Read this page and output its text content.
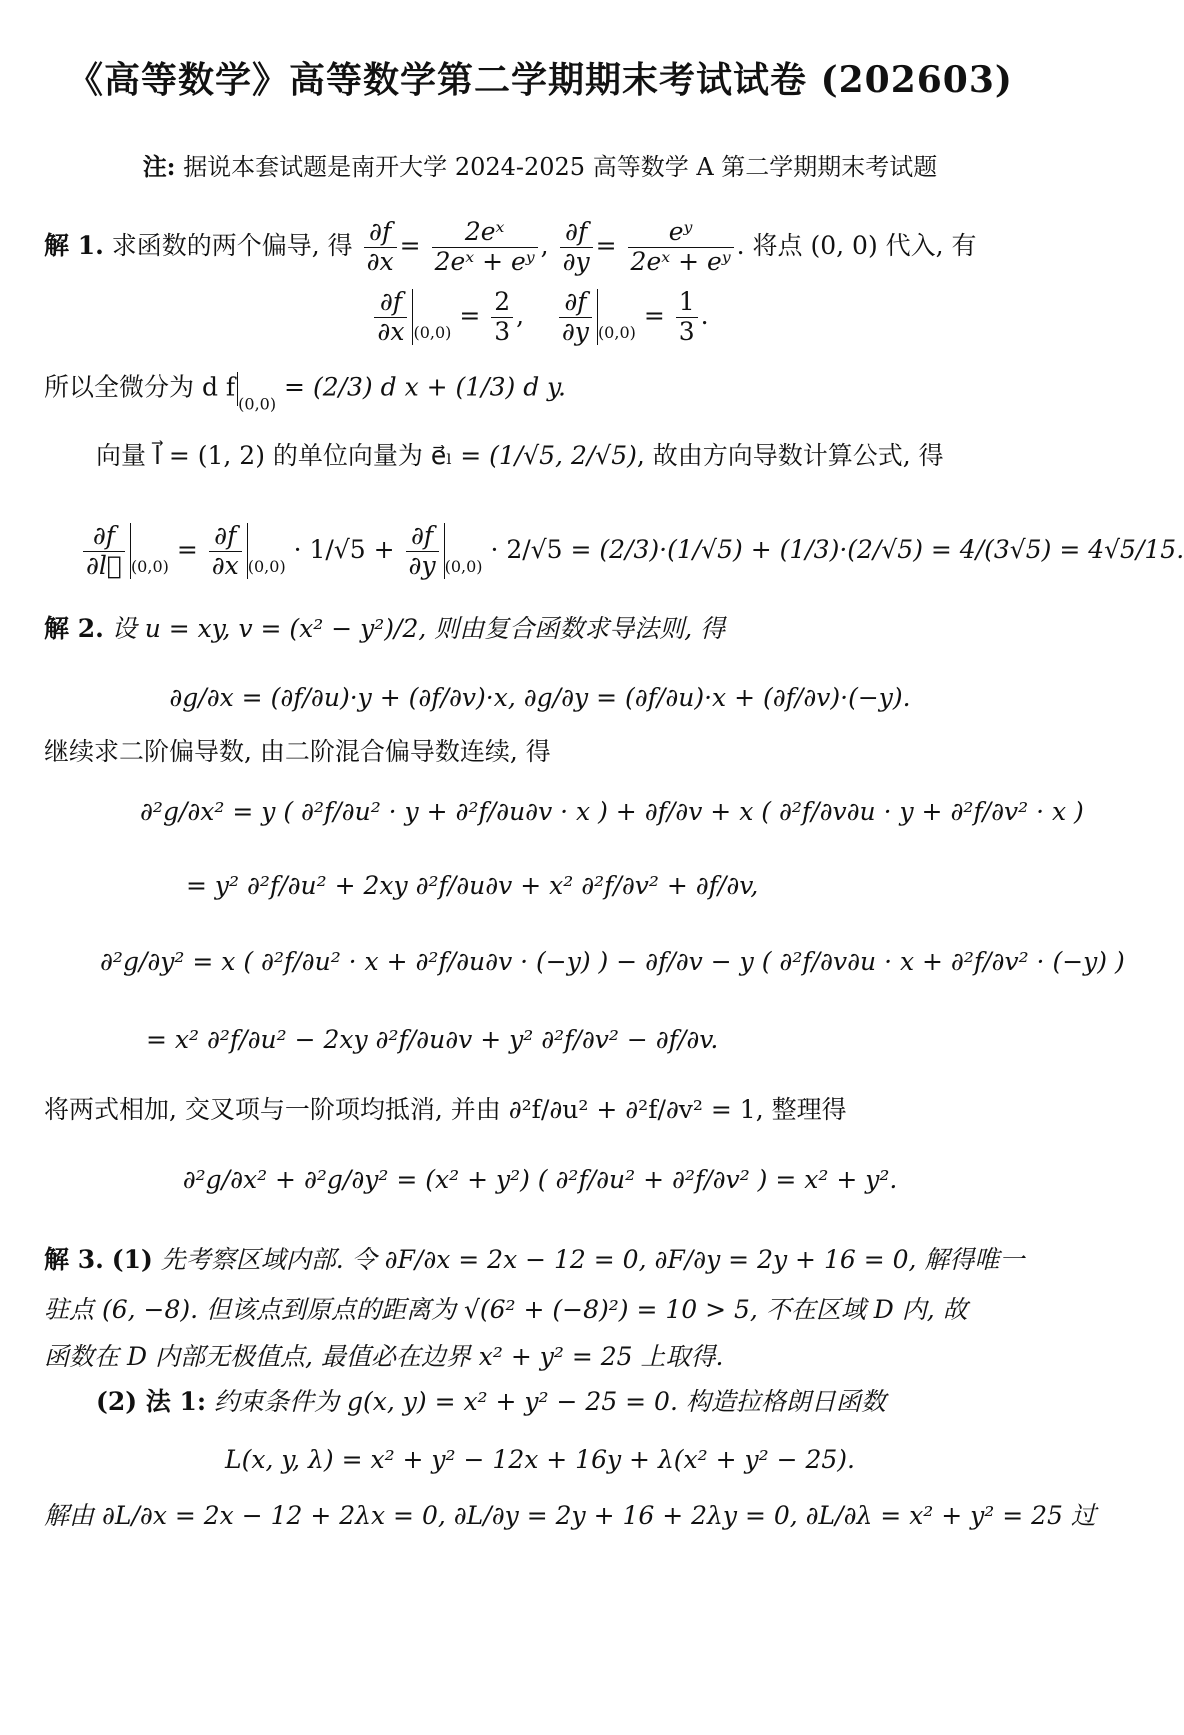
《高等数学》高等数学第二学期期末考试试卷 (202603)
注: 据说本套试题是南开大学 2024-2025 高等数学 A 第二学期期末考试题
解 1. 求函数的两个偏导, 得 $\frac{\partial f}{\partial x} = \frac{\text{2eˣ}}{\text{2eˣ + eʸ}}$ , $\frac{\partial f}{\partial y} = \frac{\text{eʸ}}{\text{2eˣ + eʸ}}$ . 将点 (0, 0) 代入, 有
$\frac{\partial f}{\partial x} _{(0,0)} = \frac{2}{3}$ , $\frac{\partial f}{\partial y} _{(0,0)} = \frac{1}{3}$ .
所以全微分为 d $f_{(0,0)} = (2/3)$ d x + (1/3) d y.
向量 l⃗ = (1, 2) 的单位向量为 e⃗ₗ = (1/√5, 2/√5), 故由方向导数计算公式, 得
$\frac{\partial f}{\partial l⃗} _{(0,0)} = \frac{\partial f}{\partial x} _{(0,0)} \cdot 1/√5 + \frac{\partial f}{\partial y} _{(0,0)} \cdot 2/√5 = (2/3)\cdot(1/√5) + (1/3)\cdot(2/√5) = 4/(3√5) = 4√5/15$.
解 2. 设 u = xy, v = (x² − y²)/2, 则由复合函数求导法则, 得
∂g/∂x = (∂f/∂u)·y + (∂f/∂v)·x, ∂g/∂y = (∂f/∂u)·x + (∂f/∂v)·(−y).
继续求二阶偏导数, 由二阶混合偏导数连续, 得
∂²g/∂x² = y ( ∂²f/∂u² · y + ∂²f/∂u∂v · x ) + ∂f/∂v + x ( ∂²f/∂v∂u · y + ∂²f/∂v² · x )
= y² ∂²f/∂u² + 2xy ∂²f/∂u∂v + x² ∂²f/∂v² + ∂f/∂v,
∂²g/∂y² = x ( ∂²f/∂u² · x + ∂²f/∂u∂v · (−y) ) − ∂f/∂v − y ( ∂²f/∂v∂u · x + ∂²f/∂v² · (−y) )
= x² ∂²f/∂u² − 2xy ∂²f/∂u∂v + y² ∂²f/∂v² − ∂f/∂v.
将两式相加, 交叉项与一阶项均抵消, 并由 ∂²f/∂u² + ∂²f/∂v² = 1, 整理得
∂²g/∂x² + ∂²g/∂y² = (x² + y²) ( ∂²f/∂u² + ∂²f/∂v² ) = x² + y².
解 3. (1) 先考察区域内部. 令 ∂F/∂x = 2x − 12 = 0, ∂F/∂y = 2y + 16 = 0, 解得唯一
驻点 (6, −8). 但该点到原点的距离为 √(6² + (−8)²) = 10 > 5, 不在区域 D 内, 故
函数在 D 内部无极值点, 最值必在边界 x² + y² = 25 上取得.
(2) 法 1: 约束条件为 g(x, y) = x² + y² − 25 = 0. 构造拉格朗日函数
L(x, y, λ) = x² + y² − 12x + 16y + λ(x² + y² − 25).
解由 ∂L/∂x = 2x − 12 + 2λx = 0, ∂L/∂y = 2y + 16 + 2λy = 0, ∂L/∂λ = x² + y² = 25 过
